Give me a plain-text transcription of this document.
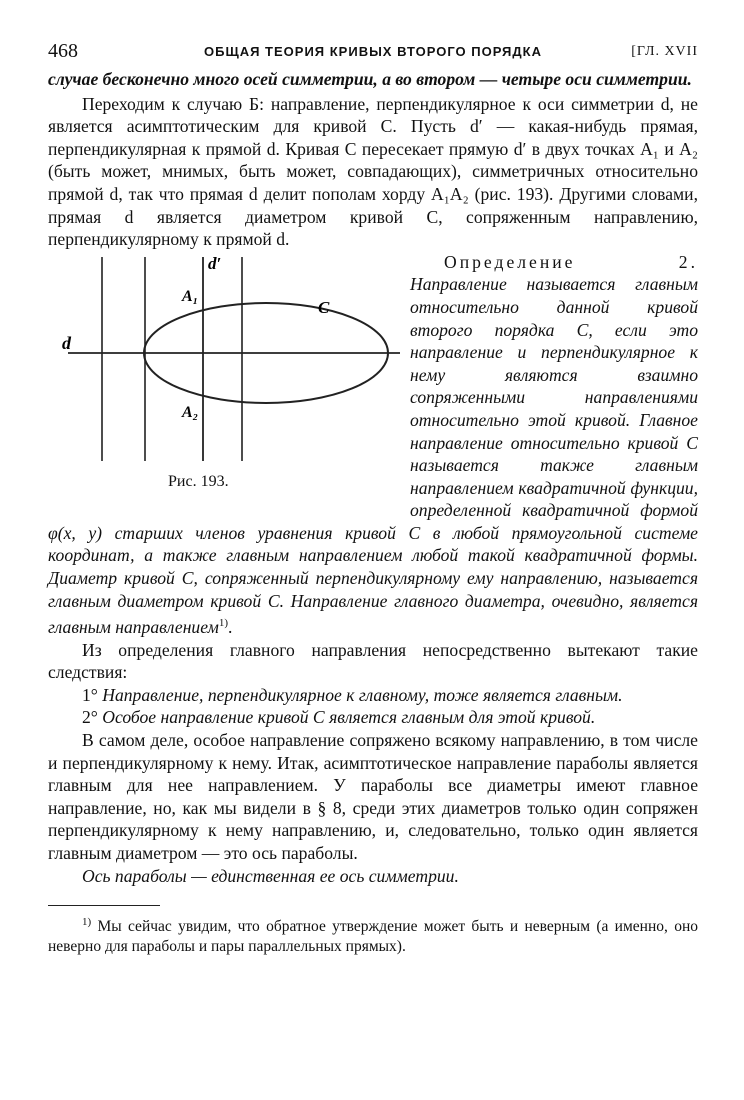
468	ОБЩАЯ ТЕОРИЯ КРИВЫХ ВТОРОГО ПОРЯДКА	[ГЛ. XVII

случае бесконечно много осей симметрии, а во втором — четыре оси симметрии.

Переходим к случаю Б: направление, перпендикулярное к оси симметрии d, не является асимптотическим для кривой C. Пусть d′ — какая-нибудь прямая, перпендикулярная к прямой d. Кривая C пересекает прямую d′ в двух точках A₁ и A₂ (быть может, мнимых, быть может, совпадающих), симметричных относительно прямой d, так что прямая d делит пополам хорду A₁A₂ (рис. 193). Другими словами, прямая d является диаметром кривой C, сопряженным направлению, перпендикулярному к прямой d.

d′
A₁
C
d
A₂
Рис. 193.

Определение 2. Направление называется главным относительно данной кривой второго порядка C, если это направление и перпендикулярное к нему являются взаимно сопряженными направлениями относительно этой кривой. Главное направление относительно кривой C называется также главным направлением квадратичной функции, определенной квадратичной формой φ(x, y) старших членов уравнения кривой C в любой прямоугольной системе координат, а также главным направлением любой такой квадратичной формы. Диаметр кривой C, сопряженный перпендикулярному ему направлению, называется главным диаметром кривой C. Направление главного диаметра, очевидно, является главным направлением$^{1)}$.

Из определения главного направления непосредственно вытекают такие следствия:

1° Направление, перпендикулярное к главному, тоже является главным.

2° Особое направление кривой C является главным для этой кривой.

В самом деле, особое направление сопряжено всякому направлению, в том числе и перпендикулярному к нему. Итак, асимптотическое направление параболы является главным для нее направлением. У параболы все диаметры имеют главное направление, но, как мы видели в § 8, среди этих диаметров только один сопряжен перпендикулярному к нему направлению, и, следовательно, только один является главным диаметром — это ось параболы.

Ось параболы — единственная ее ось симметрии.

$^{1)}$ Мы сейчас увидим, что обратное утверждение может быть и неверным (а именно, оно неверно для параболы и пары параллельных прямых).
